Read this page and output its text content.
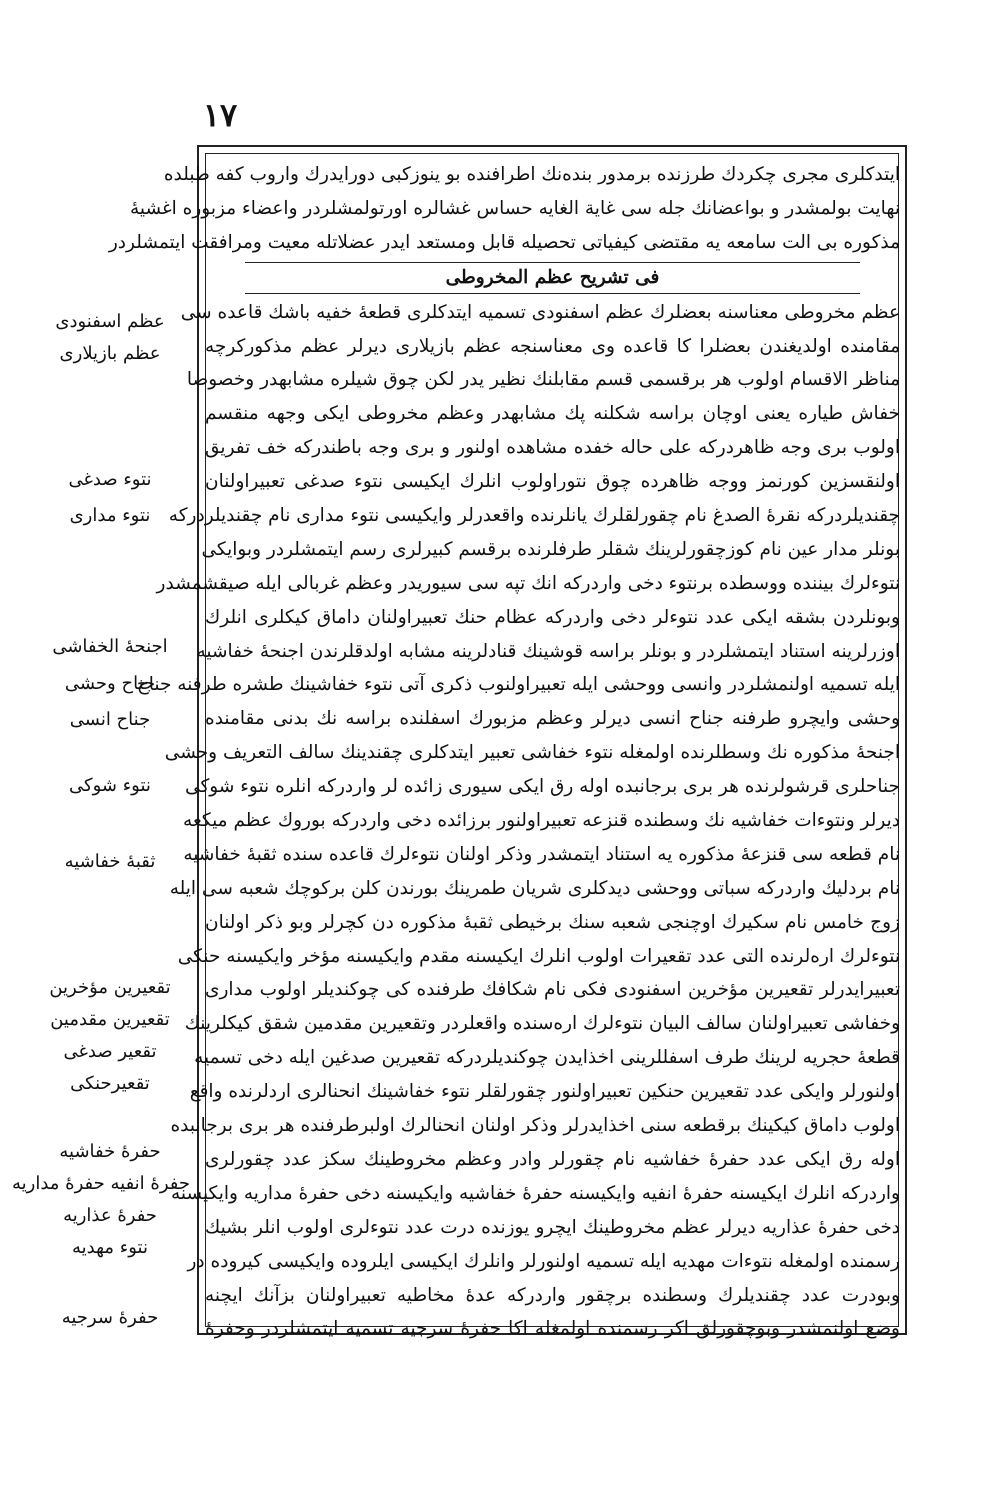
١٧
ایتدکلری مجری چکردك طرزنده برمدور بندەنك اطرافنده بو ینوزکبی دورایدرك واروب کفه طبلده
نهایت بولمشدر و بواعضانك جله سی غایة الغایه حساس غشالره اورتولمشلردر واعضاء مزبوره اغشیهٔ
مذکوره بی الت سامعه یه مقتضی کیفیاتی تحصیله قابل ومستعد ایدر عضلاتله معیت ومرافقت ایتمشلردر
فی تشریح عظم المخروطی
عظم مخروطی معناسنه بعضلرك عظم اسفنودی تسمیه ایتدکلری قطعهٔ خفیه باشك قاعده سی
مقامنده اولدیغندن بعضلرا کا قاعده وی معناسنجه عظم بازیلاری دیرلر عظم مذکورکرچه
مناظر الاقسام اولوب هر برقسمی قسم مقابلنك نظیر یدر لکن چوق شیلره مشابهدر وخصوصا
خفاش طیاره یعنی اوچان براسه شکلنه پك مشابهدر وعظم مخروطی ایکی وجهه منقسم
اولوب بری وجه ظاهردرکه علی حاله خفده مشاهده اولنور و بری وجه باطندرکه خف تفریق
اولنقسزین کورنمز ووجه ظاهرده چوق نتوراولوب انلرك ایکیسی نتوء صدغی تعبیراولنان
چقندیلردرکه نقرهٔ الصدغ نام چقورلقلرك یانلرنده واقعدرلر وایکیسی نتوء مداری نام چقندیلردرکه
بونلر مدار عین نام کوزچقورلرینك شقلر طرفلرنده برقسم کبیرلری رسم ایتمشلردر وبوایکی
نتوءلرك بیننده ووسطده برنتوء دخی واردرکه انك تپه سی سیوریدر وعظم غربالی ایله صیقشمشدر
وبونلردن بشقه ایکی عدد نتوءلر دخی واردرکه عظام حنك تعبیراولنان داماق کیکلری انلرك
اوزرلرینه استناد ایتمشلردر و بونلر براسه قوشینك قنادلرینه مشابه اولدقلرندن اجنحهٔ خفاشیه
ایله تسمیه اولنمشلردر وانسی ووحشی ایله تعبیراولنوب ذکری آتی نتوء خفاشینك طشره طرفنه جناح
وحشی وایچرو طرفنه جناح انسی دیرلر وعظم مزبورك اسفلنده براسه نك بدنی مقامنده
اجنحهٔ مذکوره نك وسطلرنده اولمغله نتوء خفاشی تعبیر ایتدکلری چقندینك سالف التعریف وحشی
جناحلری قرشولرنده هر بری برجانبده اوله رق ایکی سیوری زائده لر واردرکه انلره نتوء شوکی
دیرلر ونتوءات خفاشیه نك وسطنده قنزعه تعبیراولنور برزائده دخی واردرکه بوروك عظم میکعه
نام قطعه سی قنزعهٔ مذکوره یه استناد ایتمشدر وذکر اولنان نتوءلرك قاعده سنده ثقبهٔ خفاشیه
نام بردلیك واردرکه سباتی ووحشی دیدکلری شریان طمرینك بورندن کلن برکوچك شعبه سی ایله
زوج خامس نام سکیرك اوچنجی شعبه سنك برخیطی ثقبهٔ مذکوره دن کچرلر وبو ذکر اولنان
نتوءلرك ارەلرنده التی عدد تقعیرات اولوب انلرك ایکیسنه مقدم وایکیسنه مؤخر وایکیسنه حنکی
تعبیرایدرلر تقعیرین مؤخرین اسفنودی فكی نام شکافك طرفنده کی چوکندیلر اولوب مداری
وخفاشی تعبیراولنان سالف البیان نتوءلرك ارەسنده واقعلردر وتقعیرین مقدمین شقق کیکلرینك
قطعهٔ حجریه لرینك طرف اسفللرینی اخذایدن چوکندیلردرکه تقعیرین صدغین ایله دخی تسمیه
اولنورلر وایکی عدد تقعیرین حنکین تعبیراولنور چقورلقلر نتوء خفاشینك انحنالری اردلرنده واقع
اولوب داماق کیکینك برقطعه سنی اخذایدرلر وذکر اولنان انحنالرك اولبرطرفنده هر بری برجانبده
اوله رق ایکی عدد حفرهٔ خفاشیه نام چقورلر وادر وعظم مخروطینك سکز عدد چقورلری
واردرکه انلرك ایکیسنه حفرهٔ انفیه وایکیسنه حفرهٔ خفاشیه وایکیسنه دخی حفرهٔ مداریه وایکیسنه
دخی حفرهٔ عذاریه دیرلر عظم مخروطینك ایچرو یوزنده درت عدد نتوءلری اولوب انلر بشیك
رسمنده اولمغله نتوءات مهدیه ایله تسمیه اولنورلر وانلرك ایکیسی ایلروده وایکیسی کیروده در
وبودرت عدد چقندیلرك وسطنده برچقور واردرکه عدهٔ مخاطیه تعبیراولنان بزآنك ایچنه
وضع اولنمشدر وبوچقورلق اکر رسمنده اولمغله اکا حفرهٔ سرجیه تسمیه ایتمشلردر وحفرهٔ
عظم اسفنودی
عظم بازیلاری
نتوء صدغی
نتوء مداری
اجنحهٔ الخفاشی
جناح وحشی
جناح انسی
نتوء شوکی
ثقبهٔ خفاشیه
تقعیرین مؤخرین
تقعیرین مقدمین
تقعیر صدغی
تقعیرحنکی
حفرهٔ خفاشیه
حفرهٔ انفیه حفرهٔ مداریه
حفرهٔ عذاریه
نتوء مهدیه
حفرهٔ سرجیه
